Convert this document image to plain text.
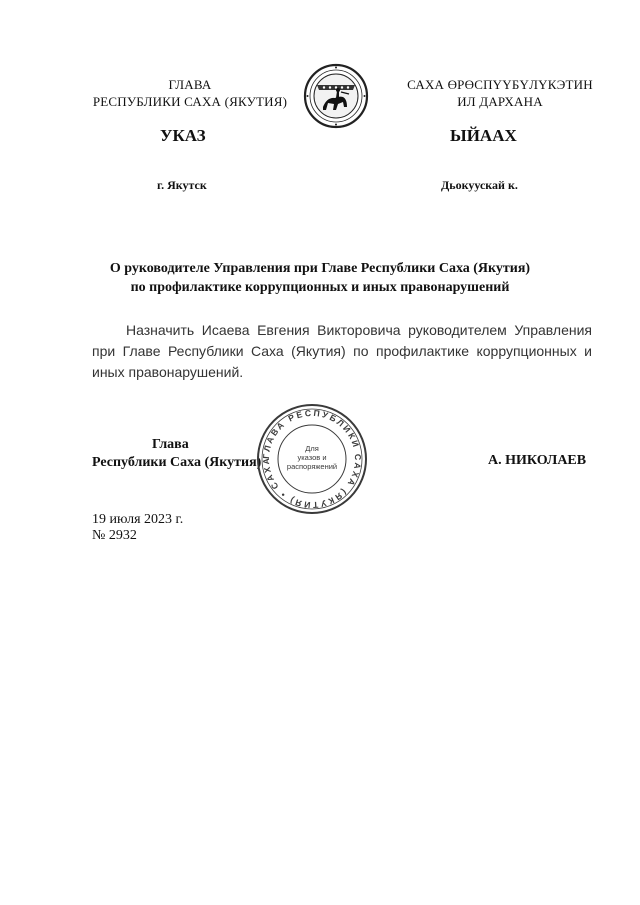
ГЛАВА
РЕСПУБЛИКИ САХА (ЯКУТИЯ)
САХА ӨРӨСПҮҮБҮЛҮКЭТИН
ИЛ ДАРХАНА
УКАЗ	ЫЙААХ
г. Якутск	Дьокуускай к.
О руководителе Управления при Главе Республики Саха (Якутия)
по профилактике коррупционных и иных правонарушений
Назначить Исаева Евгения Викторовича руководителем Управления при Главе Республики Саха (Якутия) по профилактике коррупционных и иных правонарушений.
Глава
Республики Саха (Якутия)	А. НИКОЛАЕВ
ГЛАВА РЕСПУБЛИКИ САХА (ЯКУТИЯ) • САХА
Для
указов и
распоряжений
19 июля 2023 г.
№ 2932
